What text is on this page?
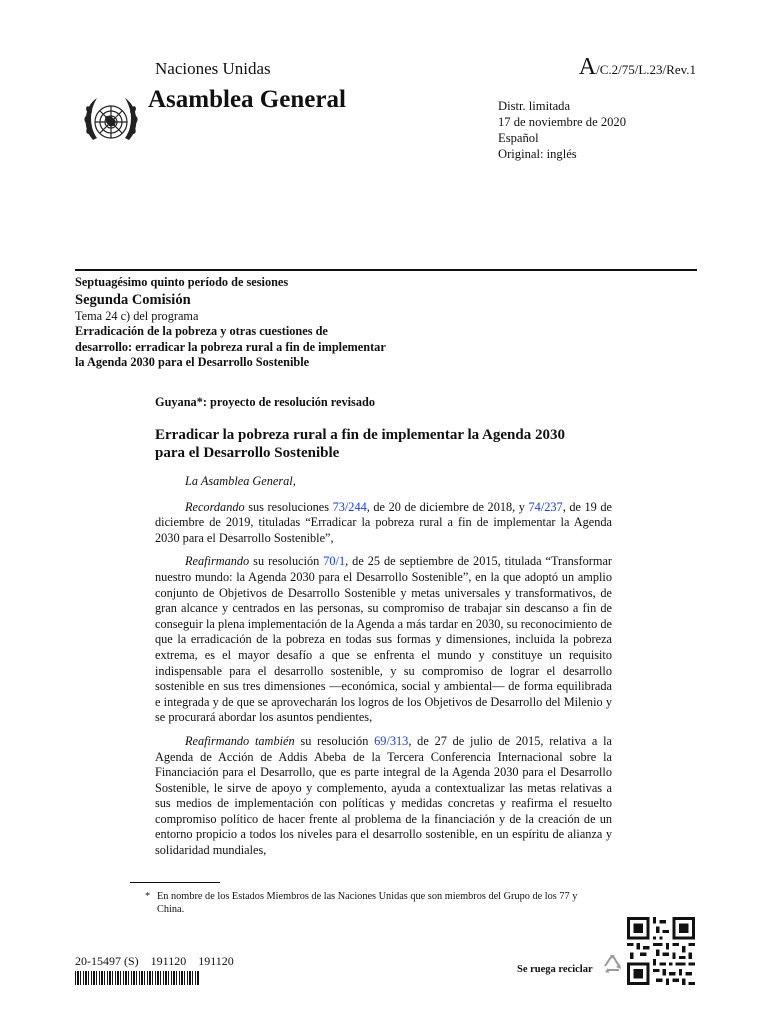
Naciones Unidas	A/C.2/75/L.23/Rev.1
Asamblea General	Distr. limitada
17 de noviembre de 2020
Español
Original: inglés
Septuagésimo quinto período de sesiones
Segunda Comisión
Tema 24 c) del programa
Erradicación de la pobreza y otras cuestiones de
desarrollo: erradicar la pobreza rural a fin de implementar
la Agenda 2030 para el Desarrollo Sostenible
Guyana*: proyecto de resolución revisado
Erradicar la pobreza rural a fin de implementar la Agenda 2030
para el Desarrollo Sostenible

La Asamblea General,

Recordando sus resoluciones 73/244, de 20 de diciembre de 2018, y 74/237, de 19 de diciembre de 2019, tituladas “Erradicar la pobreza rural a fin de implementar la Agenda 2030 para el Desarrollo Sostenible”,

Reafirmando su resolución 70/1, de 25 de septiembre de 2015, titulada “Transformar nuestro mundo: la Agenda 2030 para el Desarrollo Sostenible”, en la que adoptó un amplio conjunto de Objetivos de Desarrollo Sostenible y metas universales y transformativos, de gran alcance y centrados en las personas, su compromiso de trabajar sin descanso a fin de conseguir la plena implementación de la Agenda a más tardar en 2030, su reconocimiento de que la erradicación de la pobreza en todas sus formas y dimensiones, incluida la pobreza extrema, es el mayor desafío a que se enfrenta el mundo y constituye un requisito indispensable para el desarrollo sostenible, y su compromiso de lograr el desarrollo sostenible en sus tres dimensiones —económica, social y ambiental— de forma equilibrada e integrada y de que se aprovecharán los logros de los Objetivos de Desarrollo del Milenio y se procurará abordar los asuntos pendientes,

Reafirmando también su resolución 69/313, de 27 de julio de 2015, relativa a la Agenda de Acción de Addis Abeba de la Tercera Conferencia Internacional sobre la Financiación para el Desarrollo, que es parte integral de la Agenda 2030 para el Desarrollo Sostenible, le sirve de apoyo y complemento, ayuda a contextualizar las metas relativas a sus medios de implementación con políticas y medidas concretas y reafirma el resuelto compromiso político de hacer frente al problema de la financiación y de la creación de un entorno propicio a todos los niveles para el desarrollo sostenible, en un espíritu de alianza y solidaridad mundiales,

* En nombre de los Estados Miembros de las Naciones Unidas que son miembros del Grupo de los 77 y China.
20-15497 (S)    191120    191120
Se ruega reciclar
